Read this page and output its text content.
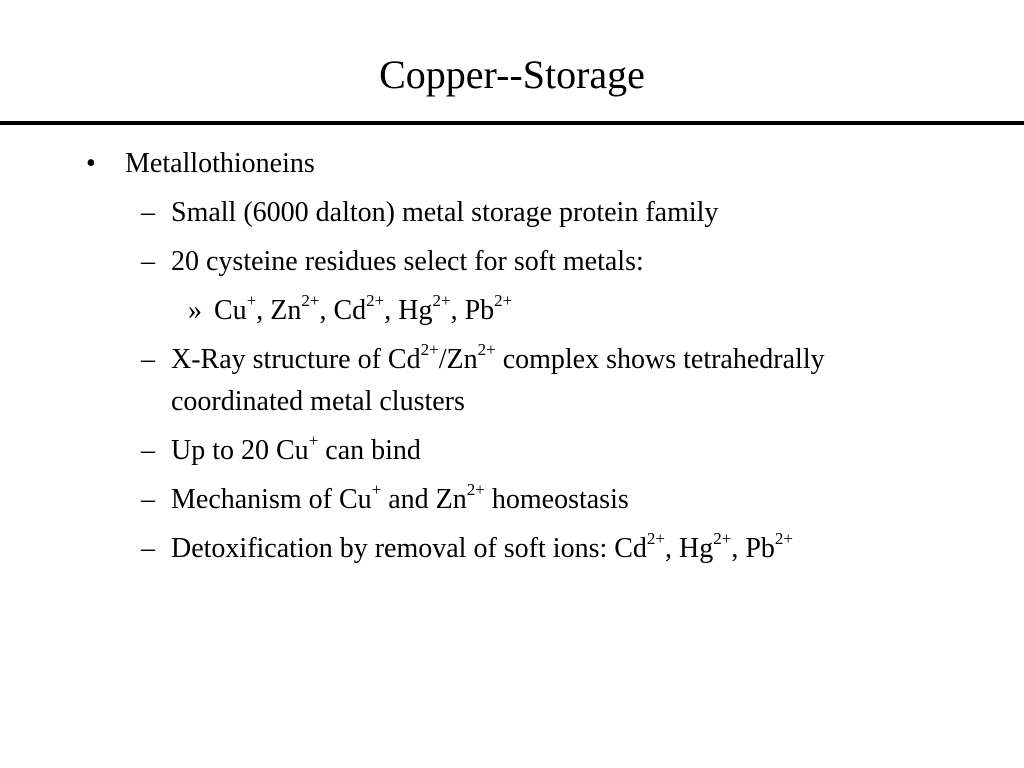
Copper--Storage
• Metallothioneins
– Small (6000 dalton) metal storage protein family
– 20 cysteine residues select for soft metals:
» Cu+, $Zn^{2+}$, $Cd^{2+}$, $Hg^{2+}$, $Pb^{2+}$
– X-Ray structure of $Cd^{2+}/Zn^{2+}$ complex shows tetrahedrally
coordinated metal clusters
– Up to 20 Cu+ can bind
– Mechanism of Cu+ and $Zn^{2+}$ homeostasis
– Detoxification by removal of soft ions: $Cd^{2+}$, $Hg^{2+}$, $Pb^{2+}$
